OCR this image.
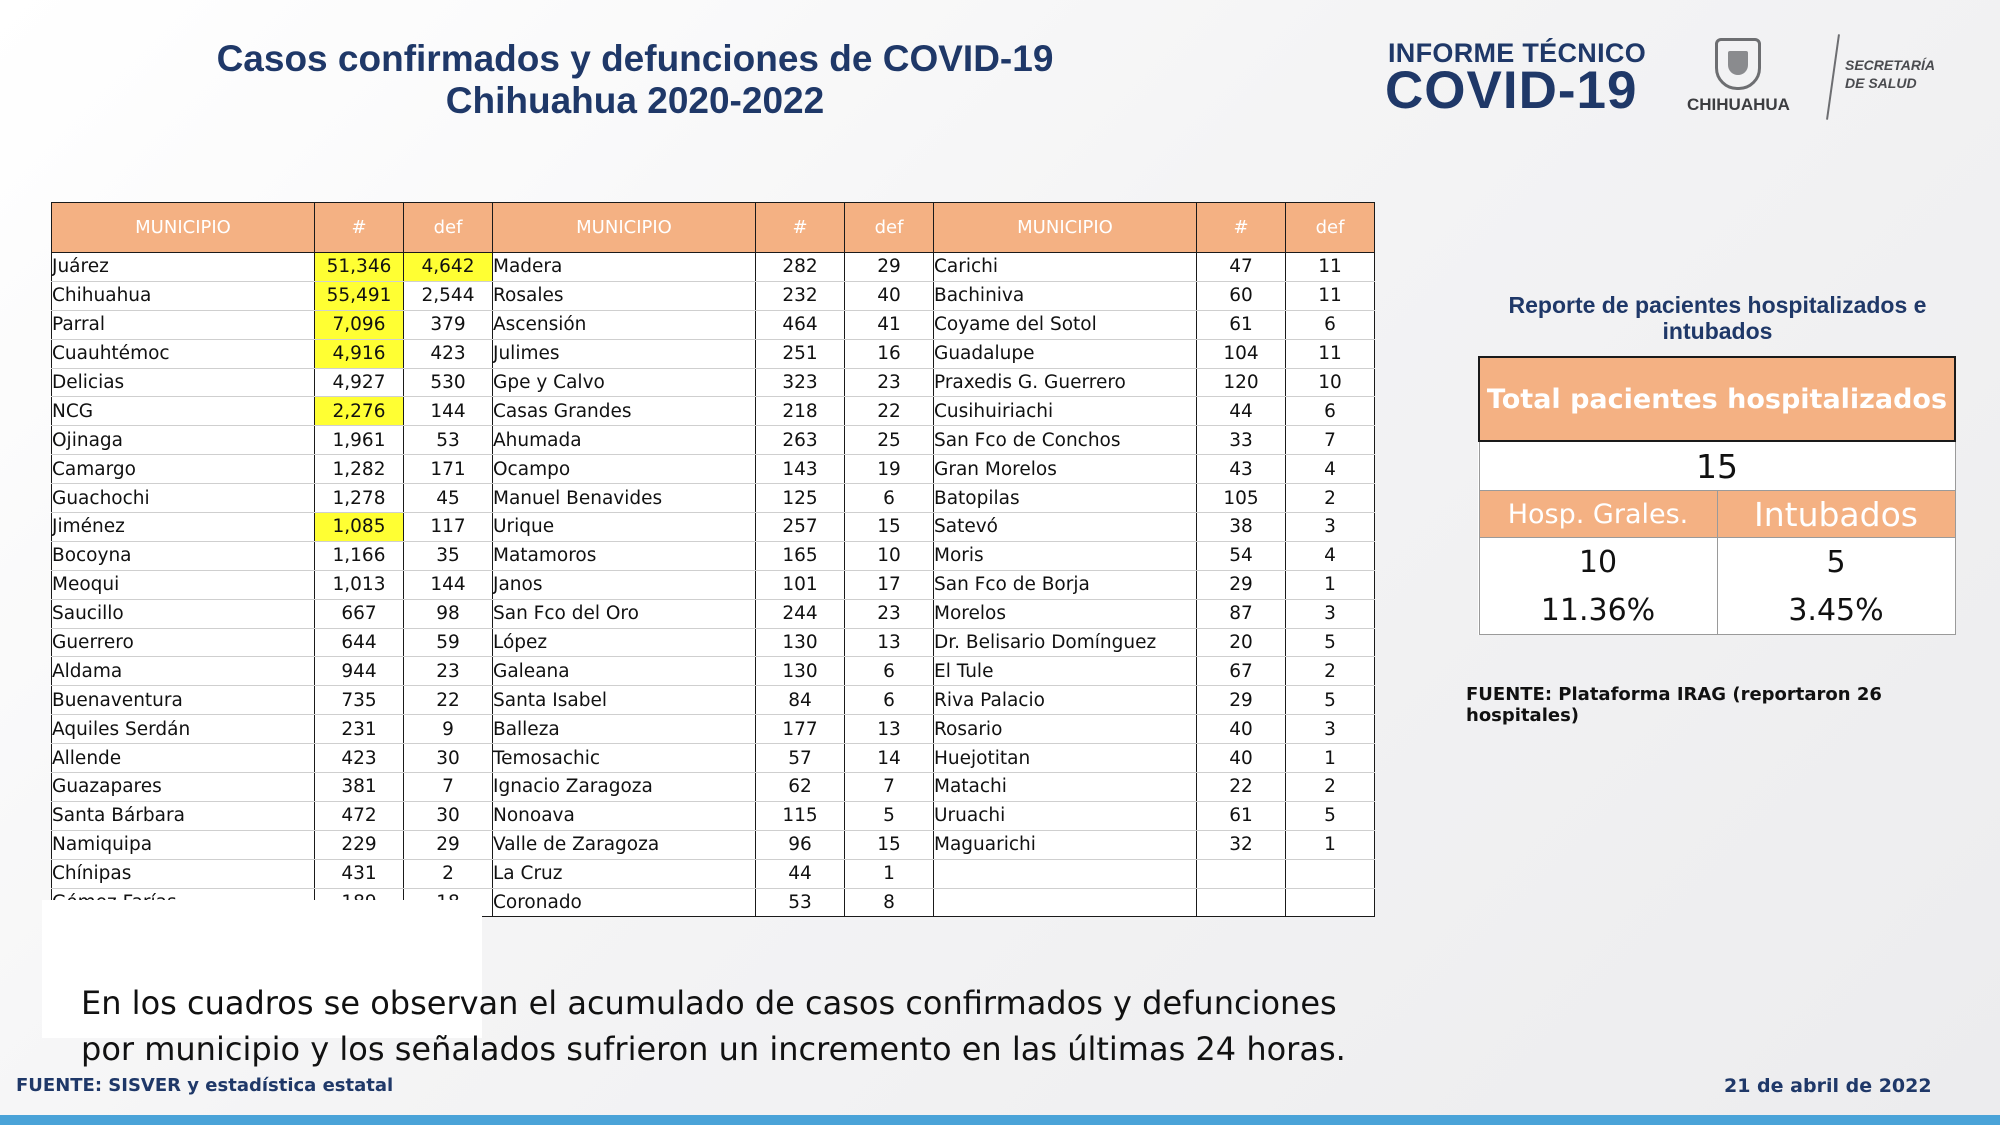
Casos confirmados y defunciones de COVID-19
Chihuahua 2020-2022
INFORME TÉCNICO
COVID-19	CHIHUAHUA
SECRETARÍA
DE SALUD
MUNICIPIO	#	def	MUNICIPIO	#	def	MUNICIPIO	#	def
Juárez	51,346	4,642	Madera	282	29	Carichi	47	11
Chihuahua	55,491	2,544	Rosales	232	40	Bachiniva	60	11
Parral	7,096	379	Ascensión	464	41	Coyame del Sotol	61	6
Cuauhtémoc	4,916	423	Julimes	251	16	Guadalupe	104	11
Delicias	4,927	530	Gpe y Calvo	323	23	Praxedis G. Guerrero	120	10
NCG	2,276	144	Casas Grandes	218	22	Cusihuiriachi	44	6
Ojinaga	1,961	53	Ahumada	263	25	San Fco de Conchos	33	7
Camargo	1,282	171	Ocampo	143	19	Gran Morelos	43	4
Guachochi	1,278	45	Manuel Benavides	125	6	Batopilas	105	2
Jiménez	1,085	117	Urique	257	15	Satevó	38	3
Bocoyna	1,166	35	Matamoros	165	10	Moris	54	4
Meoqui	1,013	144	Janos	101	17	San Fco de Borja	29	1
Saucillo	667	98	San Fco del Oro	244	23	Morelos	87	3
Guerrero	644	59	López	130	13	Dr. Belisario Domínguez	20	5
Aldama	944	23	Galeana	130	6	El Tule	67	2
Buenaventura	735	22	Santa Isabel	84	6	Riva Palacio	29	5
Aquiles Serdán	231	9	Balleza	177	13	Rosario	40	3
Allende	423	30	Temosachic	57	14	Huejotitan	40	1
Guazapares	381	7	Ignacio Zaragoza	62	7	Matachi	22	2
Santa Bárbara	472	30	Nonoava	115	5	Uruachi	61	5
Namiquipa	229	29	Valle de Zaragoza	96	15	Maguarichi	32	1
Chínipas	431	2	La Cruz	44	1			
			Coronado	53	8			
Reporte de pacientes hospitalizados e intubados
Total pacientes hospitalizados	
15	
Hosp. Grales.	Intubados
10	5
11.36%	3.45%
FUENTE: Plataforma IRAG (reportaron 26 hospitales)
En los cuadros se observan el acumulado de casos confirmados y defunciones
por municipio y los señalados sufrieron un incremento en las últimas 24 horas.
FUENTE: SISVER y estadística estatal	21 de abril de 2022
